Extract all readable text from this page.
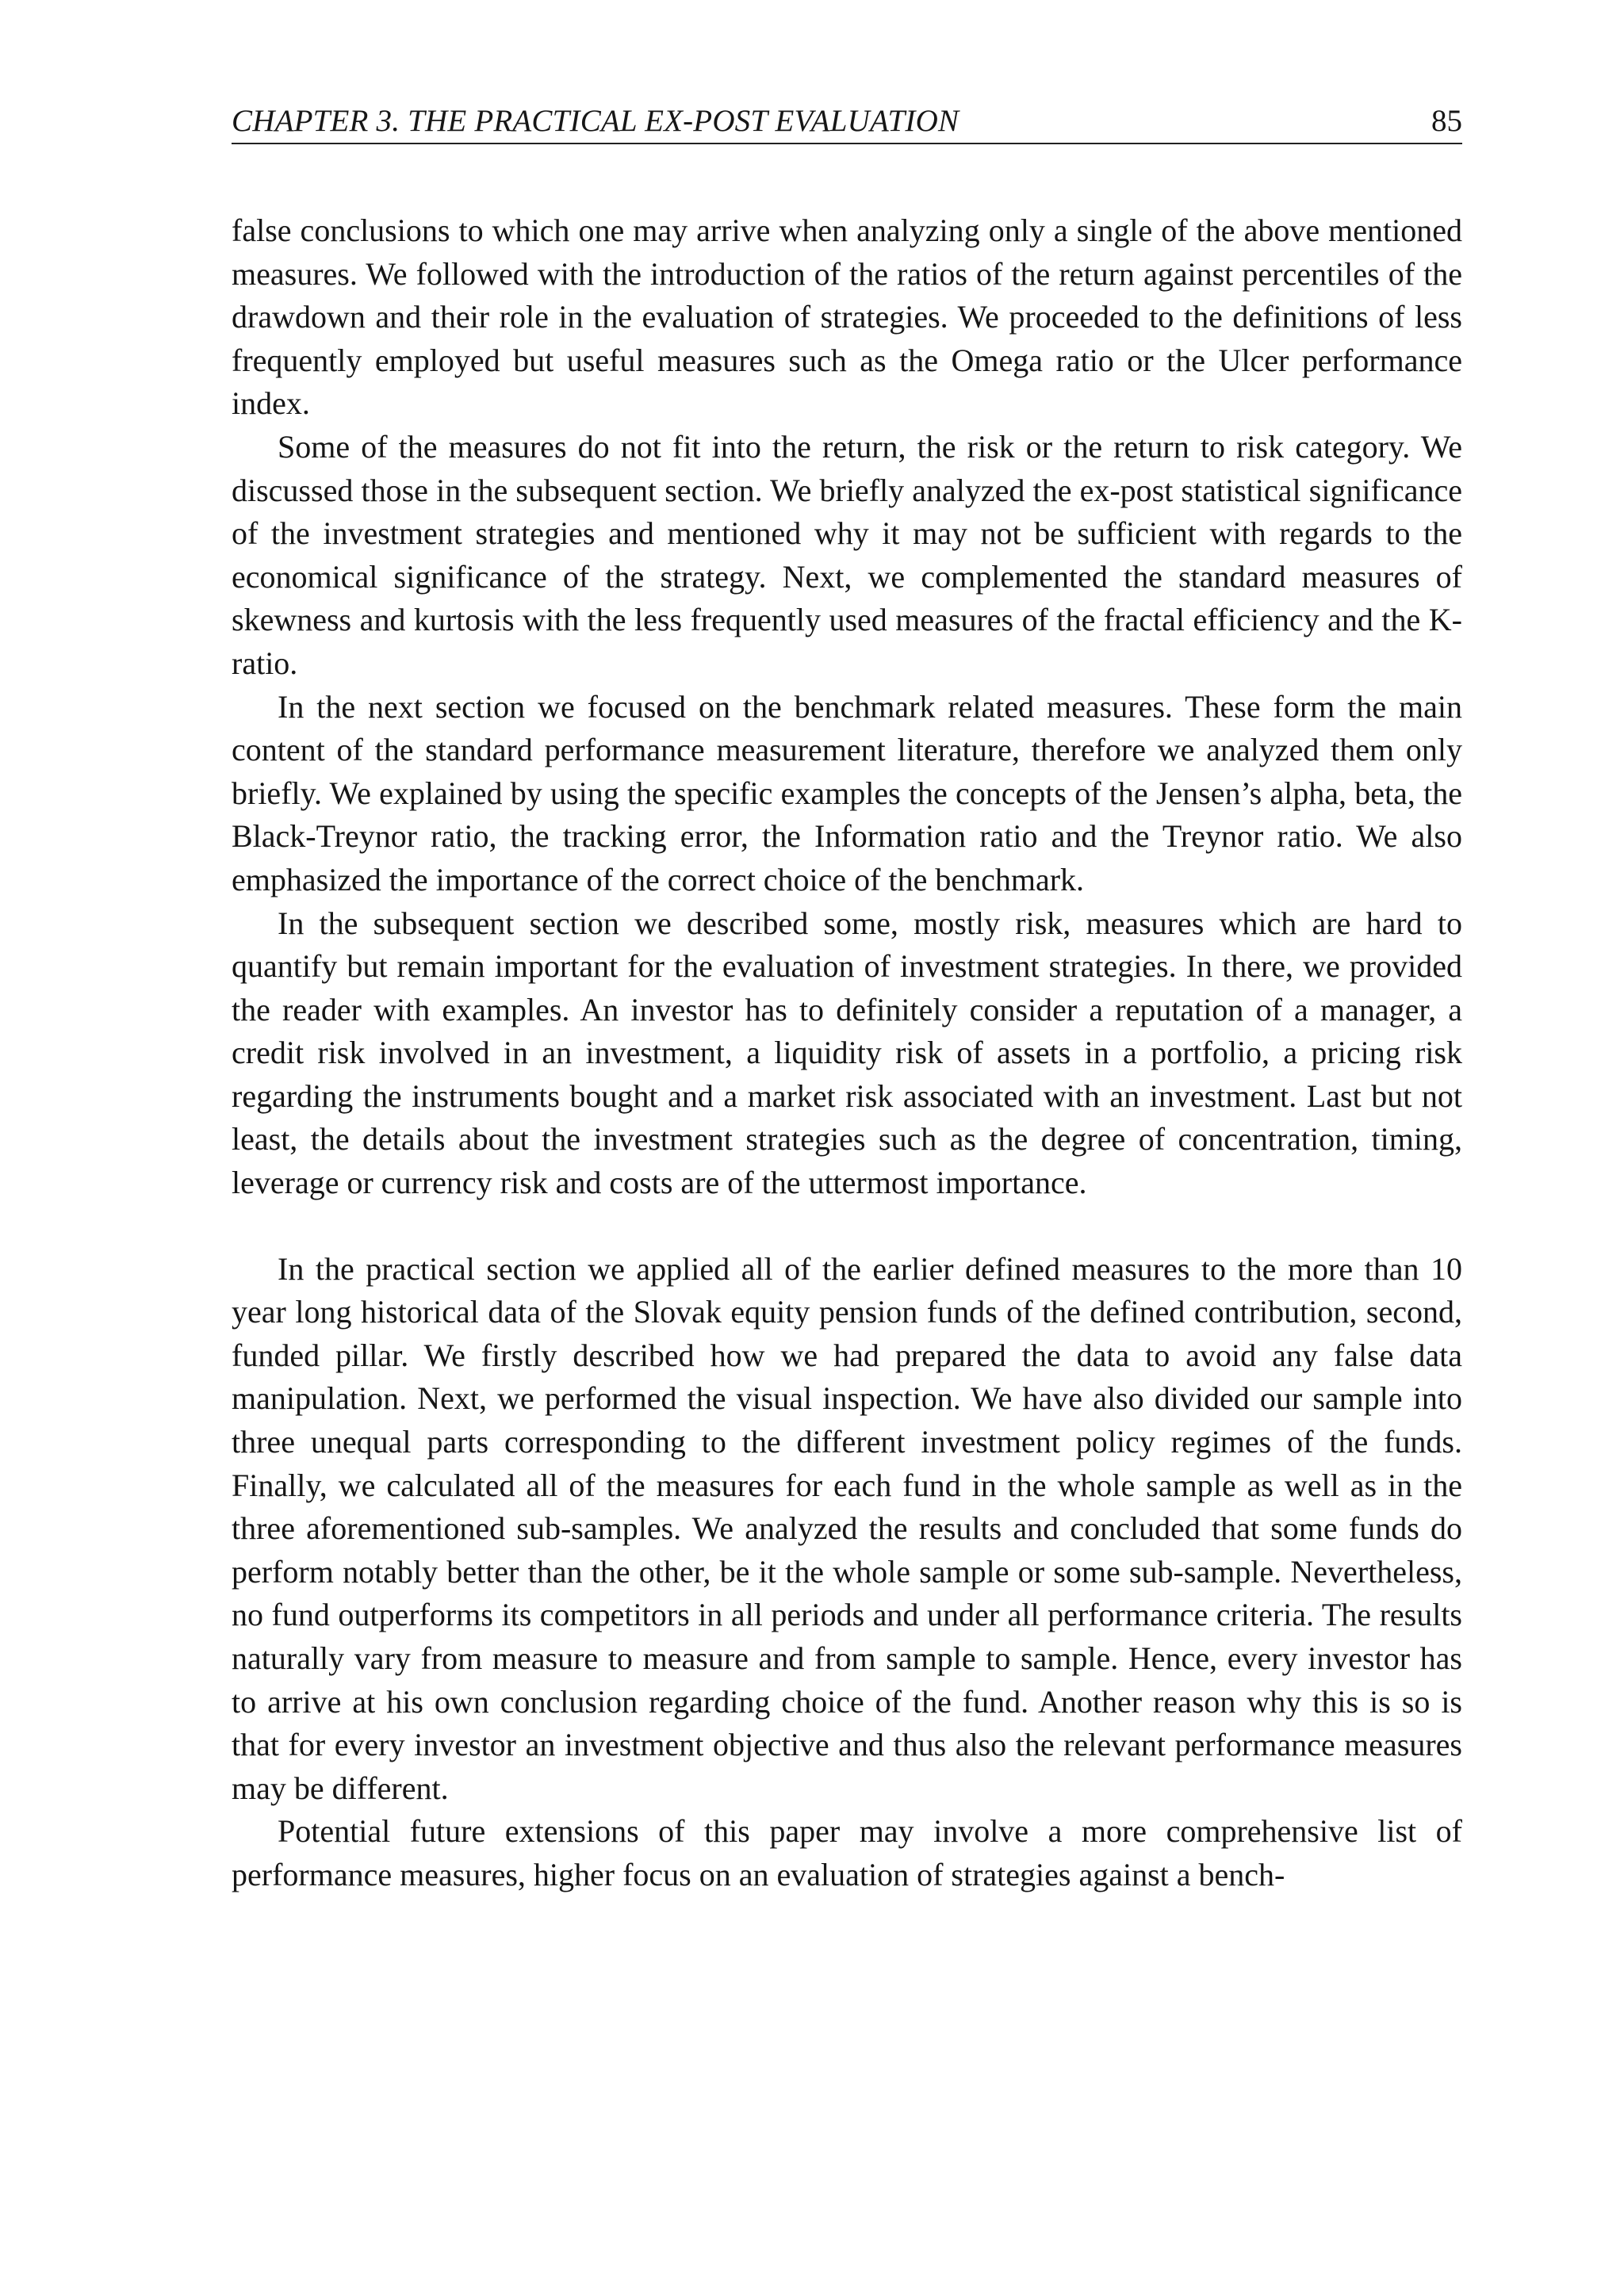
CHAPTER 3. THE PRACTICAL EX-POST EVALUATION	85

false conclusions to which one may arrive when analyzing only a single of the above mentioned measures. We followed with the introduction of the ratios of the return against percentiles of the drawdown and their role in the evaluation of strategies. We proceeded to the definitions of less frequently employed but useful measures such as the Omega ratio or the Ulcer performance index.

Some of the measures do not fit into the return, the risk or the return to risk category. We discussed those in the subsequent section. We briefly analyzed the ex-post statistical significance of the investment strategies and mentioned why it may not be sufficient with regards to the economical significance of the strategy. Next, we complemented the standard measures of skewness and kurtosis with the less frequently used measures of the fractal efficiency and the K-ratio.

In the next section we focused on the benchmark related measures. These form the main content of the standard performance measurement literature, therefore we analyzed them only briefly. We explained by using the specific examples the concepts of the Jensen’s alpha, beta, the Black-Treynor ratio, the tracking error, the Information ratio and the Treynor ratio. We also emphasized the importance of the correct choice of the benchmark.

In the subsequent section we described some, mostly risk, measures which are hard to quantify but remain important for the evaluation of investment strategies. In there, we provided the reader with examples. An investor has to definitely consider a reputation of a manager, a credit risk involved in an investment, a liquidity risk of assets in a portfolio, a pricing risk regarding the instruments bought and a market risk associated with an investment. Last but not least, the details about the investment strategies such as the degree of concentration, timing, leverage or currency risk and costs are of the uttermost importance.

In the practical section we applied all of the earlier defined measures to the more than 10 year long historical data of the Slovak equity pension funds of the defined contribution, second, funded pillar. We firstly described how we had prepared the data to avoid any false data manipulation. Next, we performed the visual inspection. We have also divided our sample into three unequal parts corresponding to the different investment policy regimes of the funds. Finally, we calculated all of the measures for each fund in the whole sample as well as in the three aforementioned sub-samples. We analyzed the results and concluded that some funds do perform notably better than the other, be it the whole sample or some sub-sample. Nevertheless, no fund outperforms its competitors in all periods and under all performance criteria. The results naturally vary from measure to measure and from sample to sample. Hence, every investor has to arrive at his own conclusion regarding choice of the fund. Another reason why this is so is that for every investor an investment objective and thus also the relevant performance measures may be different.

Potential future extensions of this paper may involve a more comprehensive list of performance measures, higher focus on an evaluation of strategies against a bench-
